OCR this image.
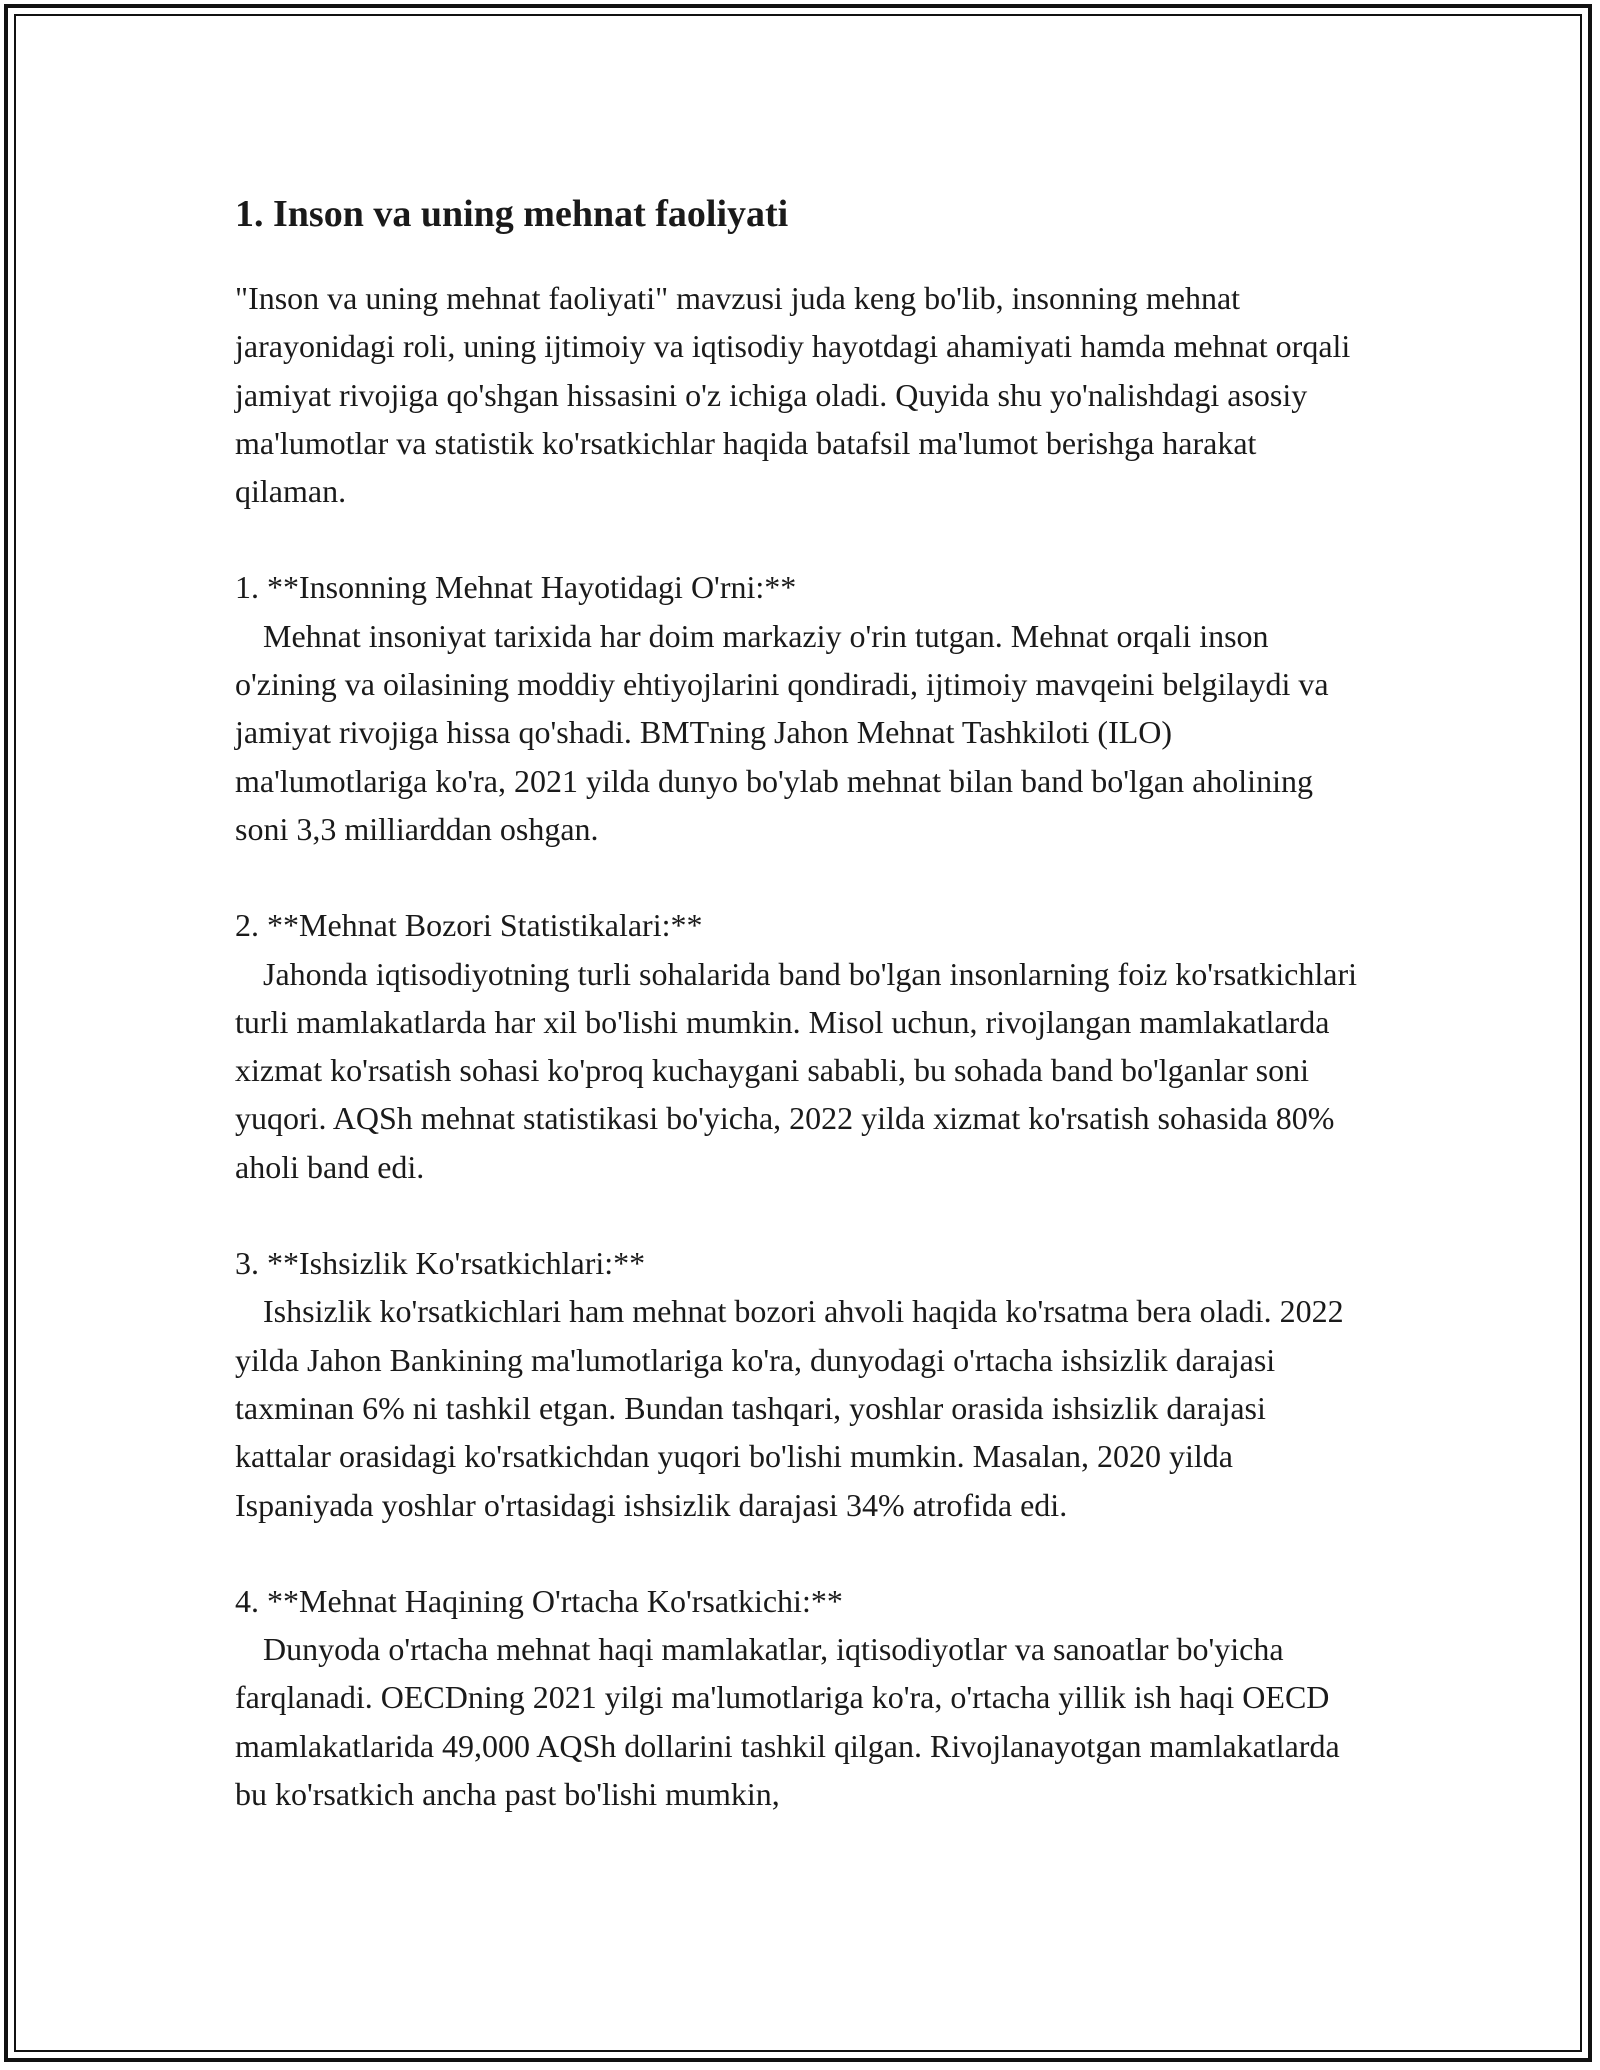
1. Inson va uning mehnat faoliyati

"Inson va uning mehnat faoliyati" mavzusi juda keng bo'lib, insonning mehnat jarayonidagi roli, uning ijtimoiy va iqtisodiy hayotdagi ahamiyati hamda mehnat orqali jamiyat rivojiga qo'shgan hissasini o'z ichiga oladi. Quyida shu yo'nalishdagi asosiy ma'lumotlar va statistik ko'rsatkichlar haqida batafsil ma'lumot berishga harakat qilaman.

1. **Insonning Mehnat Hayotidagi O'rni:**

Mehnat insoniyat tarixida har doim markaziy o'rin tutgan. Mehnat orqali inson o'zining va oilasining moddiy ehtiyojlarini qondiradi, ijtimoiy mavqeini belgilaydi va jamiyat rivojiga hissa qo'shadi. BMTning Jahon Mehnat Tashkiloti (ILO) ma'lumotlariga ko'ra, 2021 yilda dunyo bo'ylab mehnat bilan band bo'lgan aholining soni 3,3 milliarddan oshgan.

2. **Mehnat Bozori Statistikalari:**

Jahonda iqtisodiyotning turli sohalarida band bo'lgan insonlarning foiz ko'rsatkichlari turli mamlakatlarda har xil bo'lishi mumkin. Misol uchun, rivojlangan mamlakatlarda xizmat ko'rsatish sohasi ko'proq kuchaygani sababli, bu sohada band bo'lganlar soni yuqori. AQSh mehnat statistikasi bo'yicha, 2022 yilda xizmat ko'rsatish sohasida 80% aholi band edi.

3. **Ishsizlik Ko'rsatkichlari:**

Ishsizlik ko'rsatkichlari ham mehnat bozori ahvoli haqida ko'rsatma bera oladi. 2022 yilda Jahon Bankining ma'lumotlariga ko'ra, dunyodagi o'rtacha ishsizlik darajasi taxminan 6% ni tashkil etgan. Bundan tashqari, yoshlar orasida ishsizlik darajasi kattalar orasidagi ko'rsatkichdan yuqori bo'lishi mumkin. Masalan, 2020 yilda Ispaniyada yoshlar o'rtasidagi ishsizlik darajasi 34% atrofida edi.

4. **Mehnat Haqining O'rtacha Ko'rsatkichi:**

Dunyoda o'rtacha mehnat haqi mamlakatlar, iqtisodiyotlar va sanoatlar bo'yicha farqlanadi. OECDning 2021 yilgi ma'lumotlariga ko'ra, o'rtacha yillik ish haqi OECD mamlakatlarida 49,000 AQSh dollarini tashkil qilgan. Rivojlanayotgan mamlakatlarda bu ko'rsatkich ancha past bo'lishi mumkin,
